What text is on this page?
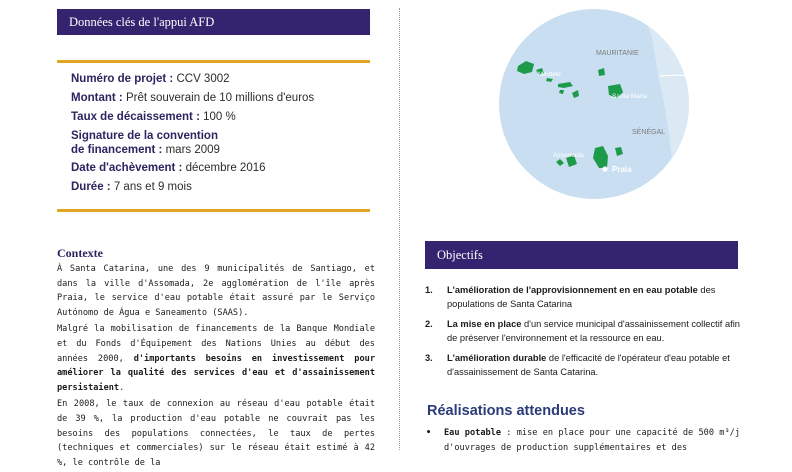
Données clés de l'appui AFD
Numéro de projet : CCV 3002
Montant : Prêt souverain de 10 millions d'euros
Taux de décaissement : 100 %
Signature de la convention
de financement : mars 2009
Date d'achèvement : décembre 2016
Durée : 7 ans et 9 mois
MAURITANIE
Mindelo
Santa Maria
SÉNÉGAL
Assomada
Praia
Contexte

À Santa Catarina, une des 9 municipalités de Santiago, et dans la ville d'Assomada, 2e agglomération de l'île après Praia, le service d'eau potable était assuré par le Serviço Autónomo de Água e Saneamento (SAAS).

Malgré la mobilisation de financements de la Banque Mondiale et du Fonds d'Équipement des Nations Unies au début des années 2000, d'importants besoins en investissement pour améliorer la qualité des services d'eau et d'assainissement persistaient.

En 2008, le taux de connexion au réseau d'eau potable était de 39 %, la production d'eau potable ne couvrait pas les besoins des populations connectées, le taux de pertes (techniques et commerciales) sur le réseau était estimé à 42 %, le contrôle de la

Objectifs
1.	L'amélioration de l'approvisionnement en en eau potable des populations de Santa Catarina
2.	La mise en place d'un service municipal d'assainissement collectif afin de préserver l'environnement et la ressource en eau.
3.	L'amélioration durable de l'efficacité de l'opérateur d'eau potable et d'assainissement de Santa Catarina.
Réalisations attendues
• Eau potable : mise en place pour une capacité de 500 m³/j d'ouvrages de production supplémentaires et des
